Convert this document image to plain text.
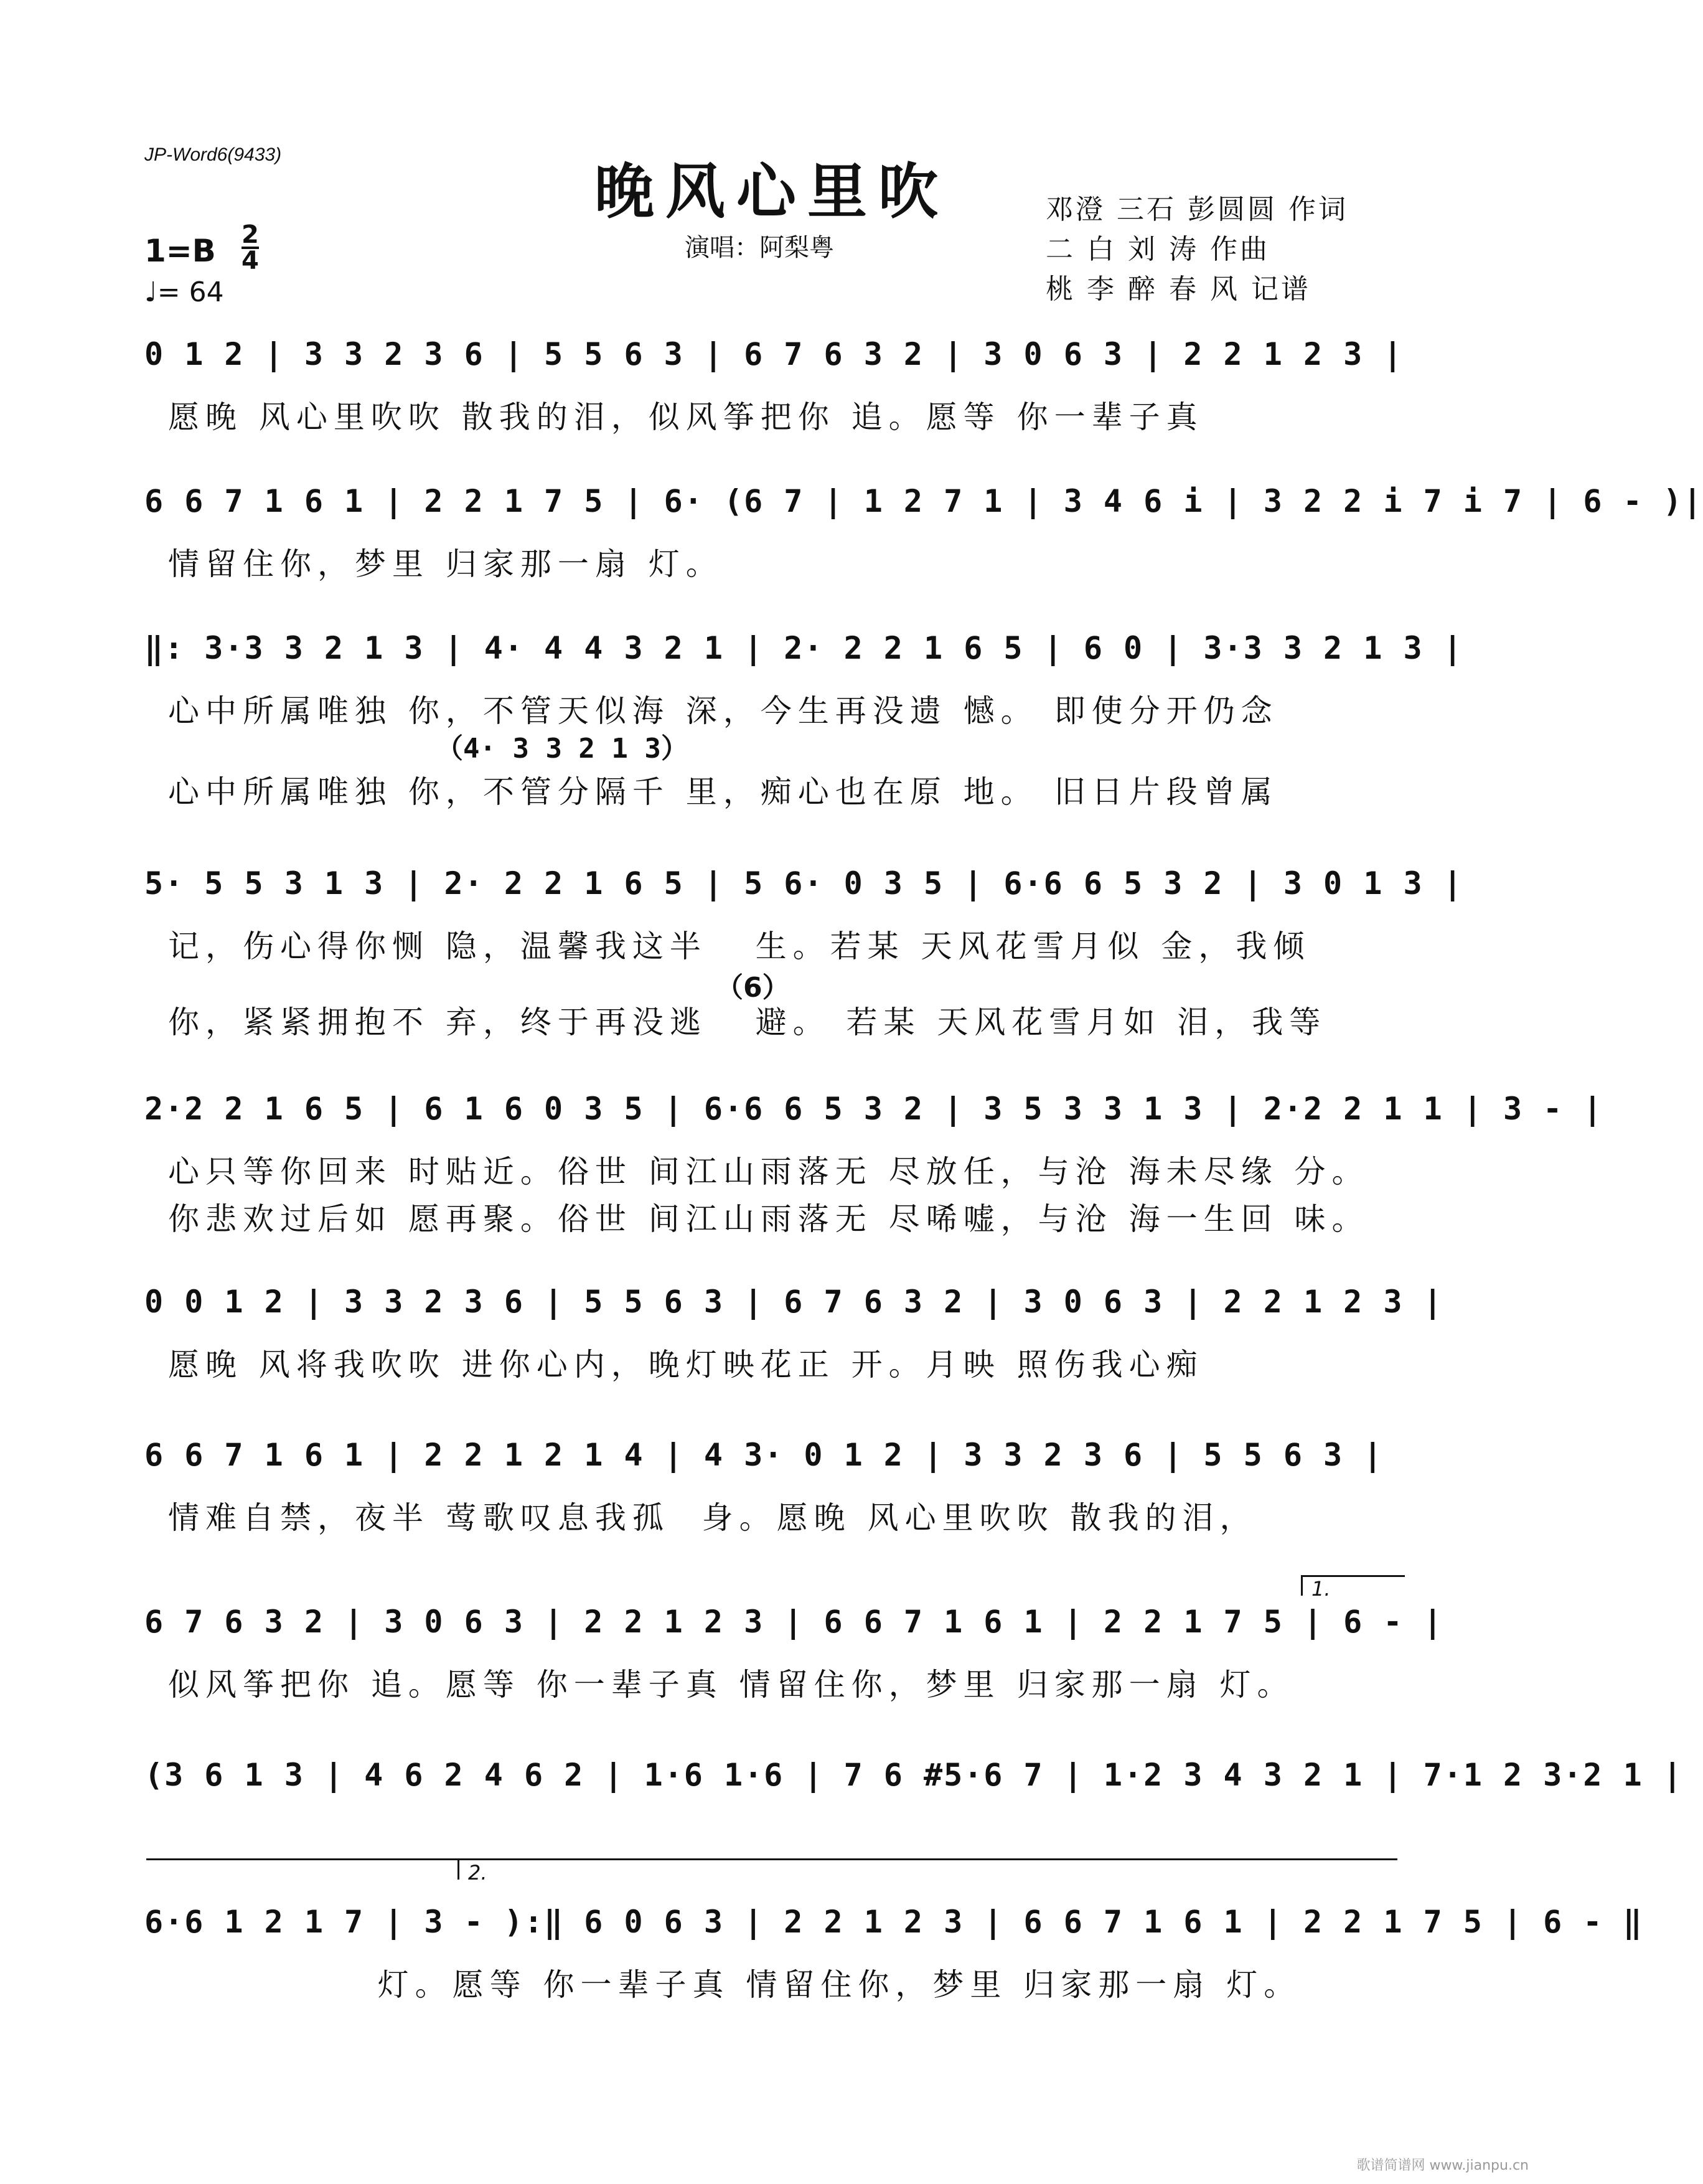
JP-Word6(9433)
晚风心里吹
演唱：阿梨粤
邓澄 三石 彭圆圆 作词
二 白 刘 涛 作曲
桃 李 醉 春 风 记谱
1=B 2
4
♩= 64
0 1 2 | 3 3 2 3 6 | 5 5 6 3 | 6 7 6 3 2 | 3 0 6 3 | 2 2 1 2 3 |
愿晚 风心里吹吹 散我的泪，似风筝把你 追。愿等 你一辈子真
6 6 7 1 6 1 | 2 2 1 7 5 | 6· (6 7 | 1 2 7 1 | 3 4 6 i | 3 2 2 i 7 i 7 | 6 - )|
情留住你，梦里 归家那一扇 灯。
‖: 3·3 3 2 1 3 | 4· 4 4 3 2 1 | 2· 2 2 1 6 5 | 6 0 | 3·3 3 2 1 3 |
心中所属唯独 你，不管天似海 深，今生再没遗 憾。 即使分开仍念
（4· 3 3 2 1 3）
心中所属唯独 你，不管分隔千 里，痴心也在原 地。 旧日片段曾属
5· 5 5 3 1 3 | 2· 2 2 1 6 5 | 5 6· 0 3 5 | 6·6 6 5 3 2 | 3 0 1 3 |
记，伤心得你恻 隐，温馨我这半   生。若某 天风花雪月似 金，我倾
（6）
你，紧紧拥抱不 弃，终于再没逃   避。 若某 天风花雪月如 泪，我等
2·2 2 1 6 5 | 6 1 6 0 3 5 | 6·6 6 5 3 2 | 3 5 3 3 1 3 | 2·2 2 1 1 | 3 - |
心只等你回来 时贴近。俗世 间江山雨落无 尽放任，与沧 海未尽缘 分。
你悲欢过后如 愿再聚。俗世 间江山雨落无 尽唏嘘，与沧 海一生回 味。
0 0 1 2 | 3 3 2 3 6 | 5 5 6 3 | 6 7 6 3 2 | 3 0 6 3 | 2 2 1 2 3 |
愿晚 风将我吹吹 进你心内，晚灯映花正 开。月映 照伤我心痴
6 6 7 1 6 1 | 2 2 1 2 1 4 | 4 3· 0 1 2 | 3 3 2 3 6 | 5 5 6 3 |
情难自禁，夜半 莺歌叹息我孤  身。愿晚 风心里吹吹 散我的泪，
1.
6 7 6 3 2 | 3 0 6 3 | 2 2 1 2 3 | 6 6 7 1 6 1 | 2 2 1 7 5 | 6 - |
似风筝把你 追。愿等 你一辈子真 情留住你，梦里 归家那一扇 灯。
(3 6 1 3 | 4 6 2 4 6 2 | 1·6 1·6 | 7 6 #5·6 7 | 1·2 3 4 3 2 1 | 7·1 2 3·2 1 |
2.
6·6 1 2 1 7 | 3 - ):‖ 6 0 6 3 | 2 2 1 2 3 | 6 6 7 1 6 1 | 2 2 1 7 5 | 6 - ‖
灯。愿等 你一辈子真 情留住你，梦里 归家那一扇 灯。
歌谱简谱网 www.jianpu.cn
